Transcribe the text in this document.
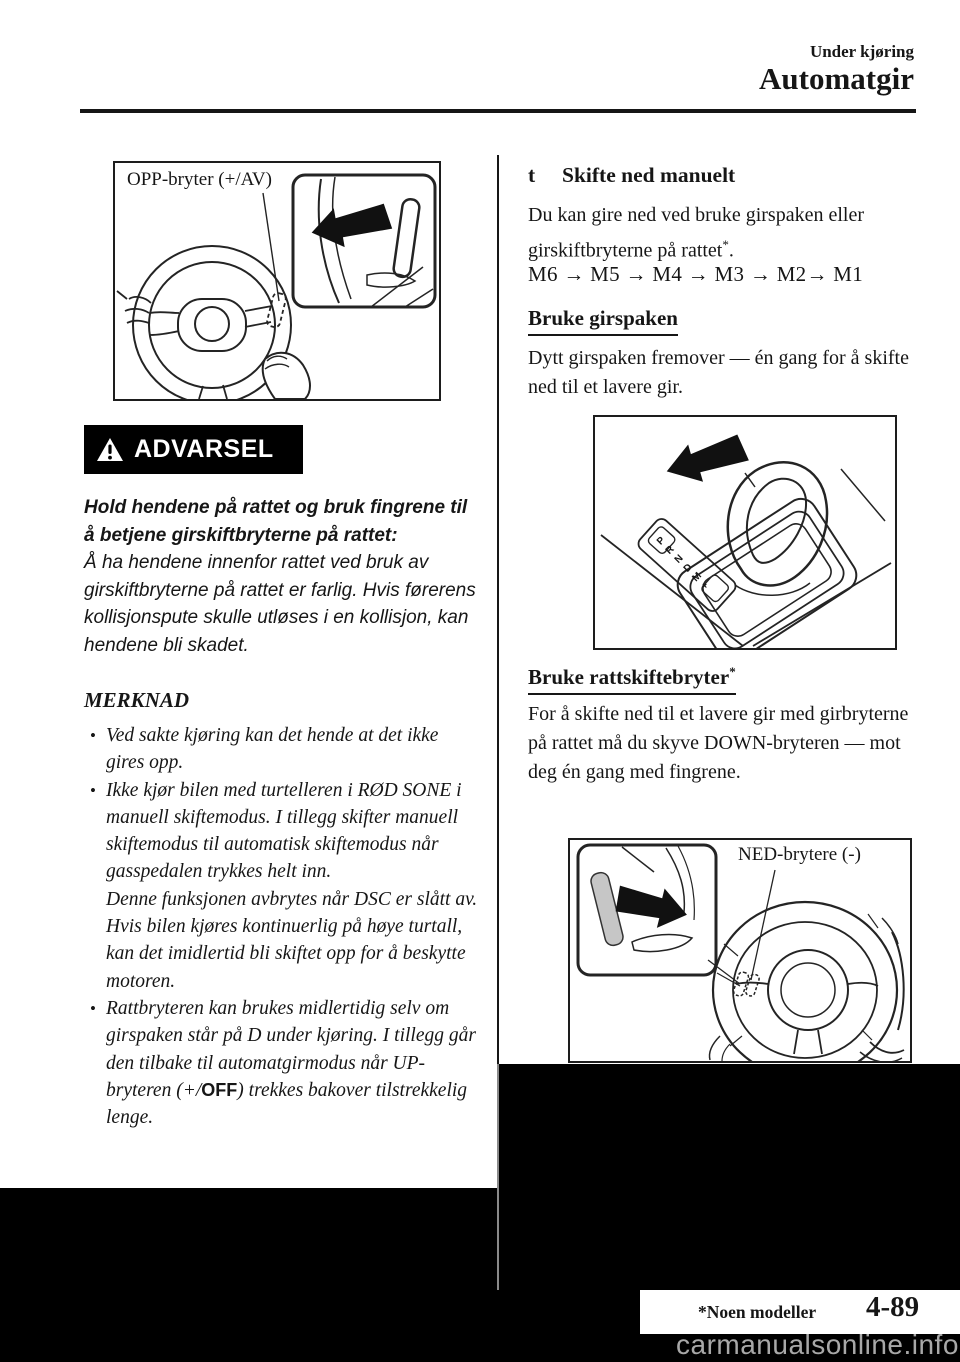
Under kjøring
Automatgir
OPP-bryter (+/AV)
ADVARSEL
Hold hendene på rattet og bruk fingrene til å betjene girskiftbryterne på rattet:
Å ha hendene innenfor rattet ved bruk av girskiftbryterne på rattet er farlig. Hvis førerens kollisjonspute skulle utløses i en kollisjon, kan hendene bli skadet.
MERKNAD
• Ved sakte kjøring kan det hende at det ikke gires opp.
• Ikke kjør bilen med turtelleren i RØD SONE i manuell skiftemodus. I tillegg skifter manuell skiftemodus til automatisk skiftemodus når gasspedalen trykkes helt inn.
Denne funksjonen avbrytes når DSC er slått av. Hvis bilen kjøres kontinuerlig på høye turtall, kan det imidlertid bli skiftet opp for å beskytte motoren.
• Rattbryteren kan brukes midlertidig selv om girspaken står på D under kjøring. I tillegg går den tilbake til automatgirmodus når UP-bryteren (+/OFF) trekkes bakover tilstrekkelig lenge.
t Skifte ned manuelt
Du kan gire ned ved bruke girspaken eller girskiftbryterne på rattet*.
M6 → M5 → M4 → M3 → M2→ M1
Bruke girspaken
Dytt girspaken fremover — én gang for å skifte ned til et lavere gir.
P
R
N
D
M
+
Bruke rattskiftebryter*
For å skifte ned til et lavere gir med girbryterne på rattet må du skyve DOWN-bryteren — mot deg én gang med fingrene.
NED-brytere (-)
*Noen modeller 4-89
carmanualsonline.info
